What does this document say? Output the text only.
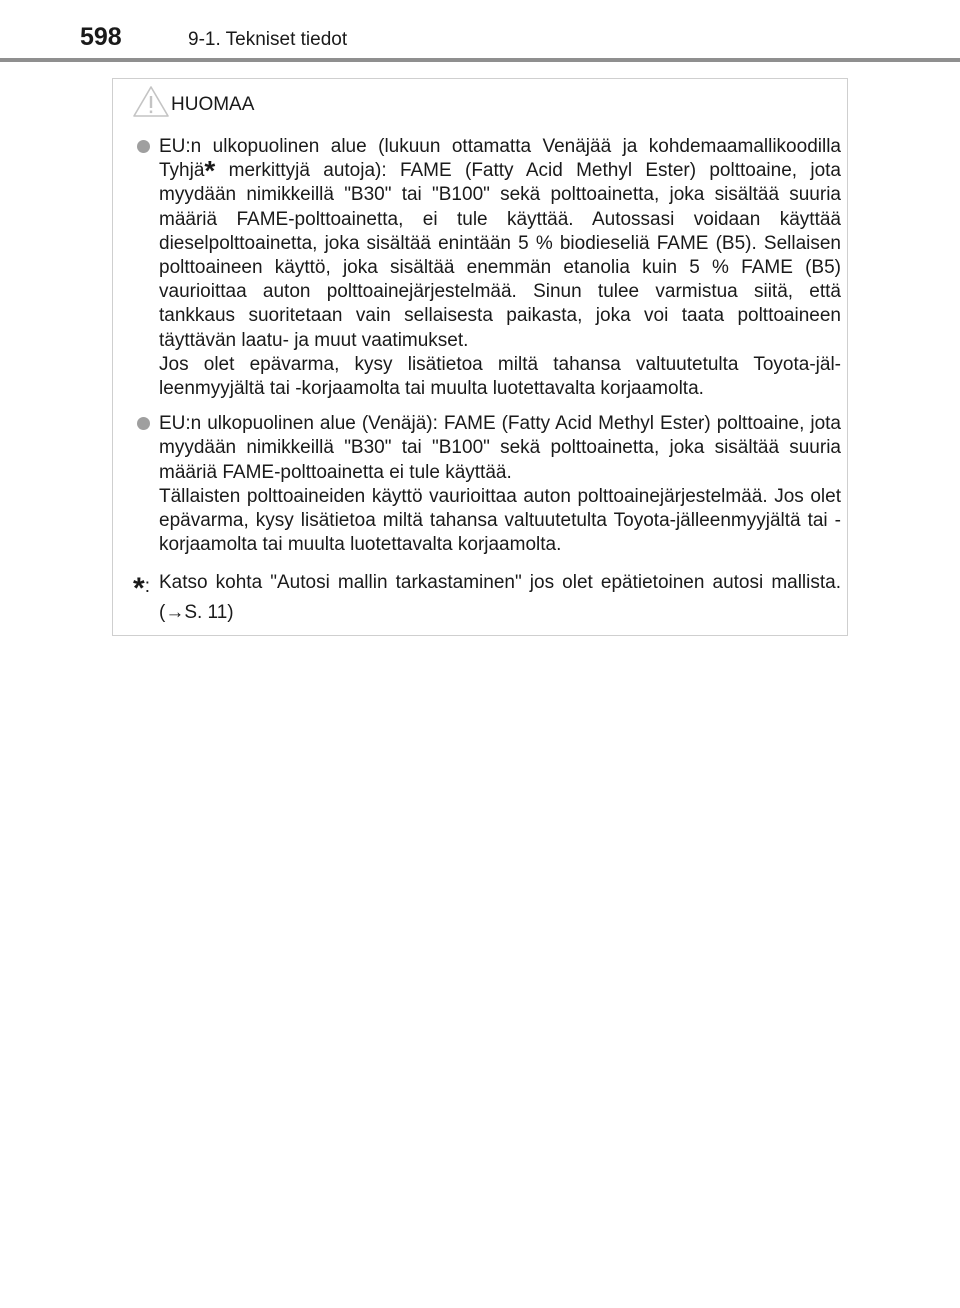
598	9-1. Tekniset tiedot
HUOMAA
EU:n ulkopuolinen alue (lukuun ottamatta Venäjää ja kohdemaamallikoodilla Tyhjä* merkittyjä autoja): FAME (Fatty Acid Methyl Ester) polttoaine, jota myydään nimikkeillä "B30" tai "B100" sekä polttoainetta, joka sisältää suuria määriä FAME-polttoainetta, ei tule käyttää. Autossasi voidaan käyttää dieselpolttoainetta, joka sisältää enintään 5 % biodieseliä FAME (B5). Sellaisen polttoaineen käyttö, joka sisältää enemmän etanolia kuin 5 % FAME (B5) vaurioittaa auton polttoainejärjestelmää. Sinun tulee varmistua siitä, että tankkaus suoritetaan vain sellaisesta paikasta, joka voi taata polttoaineen täyttävän laatu- ja muut vaatimukset.
Jos olet epävarma, kysy lisätietoa miltä tahansa valtuutetulta Toyota-jälleenmyyjältä tai -korjaamolta tai muulta luotettavalta korjaamolta.
EU:n ulkopuolinen alue (Venäjä): FAME (Fatty Acid Methyl Ester) polttoaine, jota myydään nimikkeillä "B30" tai "B100" sekä polttoainetta, joka sisältää suuria määriä FAME-polttoainetta ei tule käyttää.
Tällaisten polttoaineiden käyttö vaurioittaa auton polttoainejärjestelmää. Jos olet epävarma, kysy lisätietoa miltä tahansa valtuutetulta Toyota-jälleenmyyjältä tai -korjaamolta tai muulta luotettavalta korjaamolta.
*: Katso kohta "Autosi mallin tarkastaminen" jos olet epätietoinen autosi mallista. (→S. 11)
